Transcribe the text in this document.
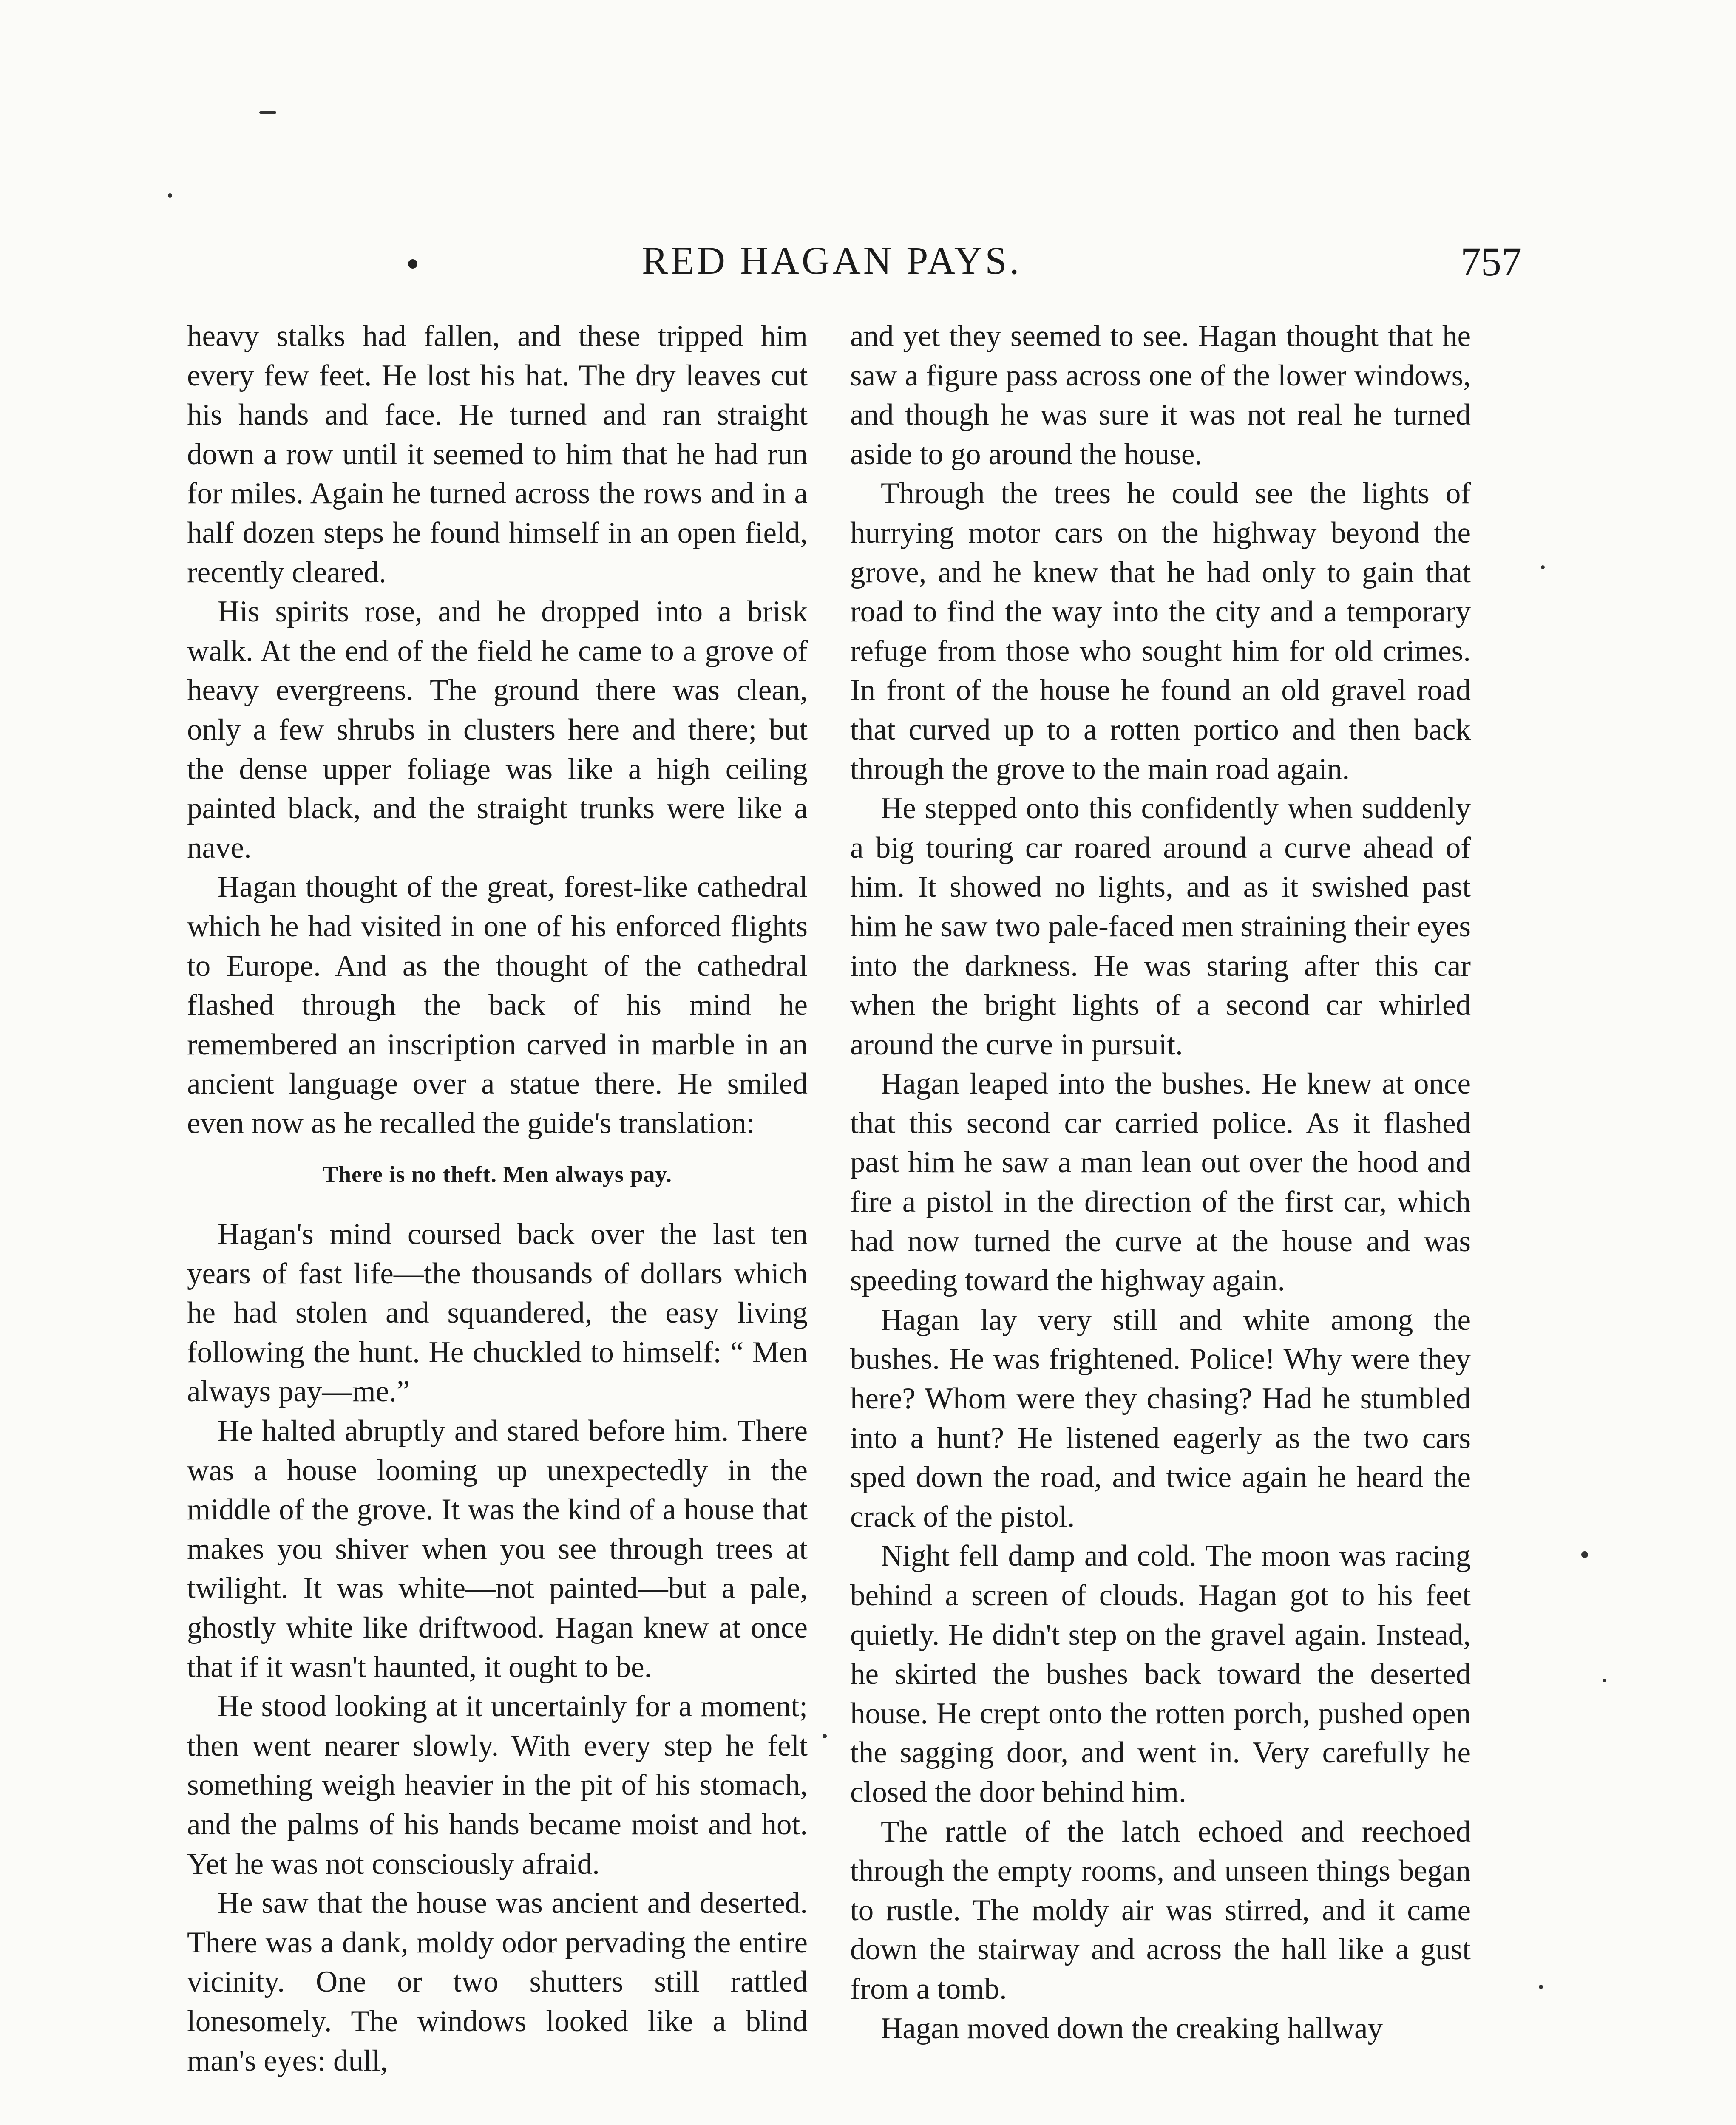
RED HAGAN PAYS.	757

heavy stalks had fallen, and these tripped him every few feet. He lost his hat. The dry leaves cut his hands and face. He turned and ran straight down a row until it seemed to him that he had run for miles. Again he turned across the rows and in a half dozen steps he found himself in an open field, recently cleared.

His spirits rose, and he dropped into a brisk walk. At the end of the field he came to a grove of heavy evergreens. The ground there was clean, only a few shrubs in clusters here and there; but the dense upper foliage was like a high ceiling painted black, and the straight trunks were like a nave.

Hagan thought of the great, forest-like cathedral which he had visited in one of his enforced flights to Europe. And as the thought of the cathedral flashed through the back of his mind he remembered an inscription carved in marble in an ancient language over a statue there. He smiled even now as he recalled the guide's translation:

There is no theft. Men always pay.

Hagan's mind coursed back over the last ten years of fast life—the thousands of dollars which he had stolen and squandered, the easy living following the hunt. He chuckled to himself: “ Men always pay—me.”

He halted abruptly and stared before him. There was a house looming up unexpectedly in the middle of the grove. It was the kind of a house that makes you shiver when you see through trees at twilight. It was white—not painted—but a pale, ghostly white like driftwood. Hagan knew at once that if it wasn't haunted, it ought to be.

He stood looking at it uncertainly for a moment; then went nearer slowly. With every step he felt something weigh heavier in the pit of his stomach, and the palms of his hands became moist and hot. Yet he was not consciously afraid.

He saw that the house was ancient and deserted. There was a dank, moldy odor pervading the entire vicinity. One or two shutters still rattled lonesomely. The windows looked like a blind man's eyes: dull,

and yet they seemed to see. Hagan thought that he saw a figure pass across one of the lower windows, and though he was sure it was not real he turned aside to go around the house.

Through the trees he could see the lights of hurrying motor cars on the highway beyond the grove, and he knew that he had only to gain that road to find the way into the city and a temporary refuge from those who sought him for old crimes. In front of the house he found an old gravel road that curved up to a rotten portico and then back through the grove to the main road again.

He stepped onto this confidently when suddenly a big touring car roared around a curve ahead of him. It showed no lights, and as it swished past him he saw two pale-faced men straining their eyes into the darkness. He was staring after this car when the bright lights of a second car whirled around the curve in pursuit.

Hagan leaped into the bushes. He knew at once that this second car carried police. As it flashed past him he saw a man lean out over the hood and fire a pistol in the direction of the first car, which had now turned the curve at the house and was speeding toward the highway again.

Hagan lay very still and white among the bushes. He was frightened. Police! Why were they here? Whom were they chasing? Had he stumbled into a hunt? He listened eagerly as the two cars sped down the road, and twice again he heard the crack of the pistol.

Night fell damp and cold. The moon was racing behind a screen of clouds. Hagan got to his feet quietly. He didn't step on the gravel again. Instead, he skirted the bushes back toward the deserted house. He crept onto the rotten porch, pushed open the sagging door, and went in. Very carefully he closed the door behind him.

The rattle of the latch echoed and reechoed through the empty rooms, and unseen things began to rustle. The moldy air was stirred, and it came down the stairway and across the hall like a gust from a tomb.

Hagan moved down the creaking hallway
